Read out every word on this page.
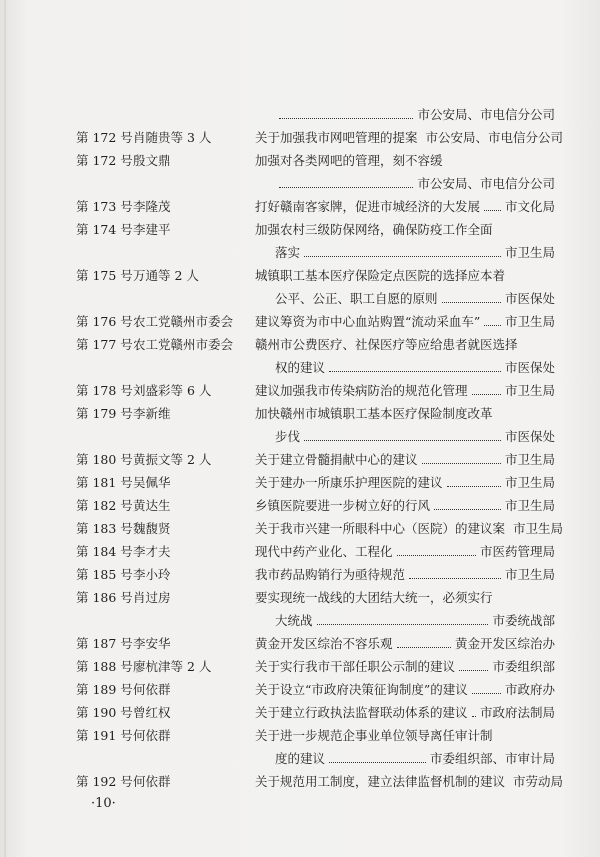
市公安局、市电信分公司
第 172 号 肖随贵等 3 人	关于加强我市网吧管理的提案 市公安局、市电信分公司
第 172 号 殷文鼎	加强对各类网吧的管理，刻不容缓
市公安局、市电信分公司
第 173 号 李隆茂	打好赣南客家牌，促进市城经济的大发展 市文化局
第 174 号 李建平	加强农村三级防保网络，确保防疫工作全面
落实	市卫生局
第 175 号 万通等 2 人	城镇职工基本医疗保险定点医院的选择应本着
公平、公正、职工自愿的原则	市医保处
第 176 号 农工党赣州市委会 建议筹资为市中心血站购置“流动采血车” 市卫生局
第 177 号 农工党赣州市委会 赣州市公费医疗、社保医疗等应给患者就医选择
权的建议	市医保处
第 178 号 刘盛彩等 6 人	建议加强我市传染病防治的规范化管理	市卫生局
第 179 号 李新维	加快赣州市城镇职工基本医疗保险制度改革
步伐	市医保处
第 180 号 黄振文等 2 人	关于建立骨髓捐献中心的建议	市卫生局
第 181 号 吴佩华	关于建办一所康乐护理医院的建议	市卫生局
第 182 号 黄达生	乡镇医院要进一步树立好的行风	市卫生局
第 183 号 魏馥贤	关于我市兴建一所眼科中心（医院）的建议案 市卫生局
第 184 号 李才夫	现代中药产业化、工程化	市医药管理局
第 185 号 李小玲	我市药品购销行为亟待规范	市卫生局
第 186 号 肖过房	要实现统一战线的大团结大统一，必须实行
大统战	市委统战部
第 187 号 李安华	黄金开发区综治不容乐观	黄金开发区综治办
第 188 号 廖杭津等 2 人	关于实行我市干部任职公示制的建议	市委组织部
第 189 号 何依群	关于设立“市政府决策征询制度”的建议	市政府办
第 190 号 曾红权	关于建立行政执法监督联动体系的建议 市政府法制局
第 191 号 何依群	关于进一步规范企事业单位领导离任审计制
度的建议	市委组织部、市审计局
第 192 号 何依群	关于规范用工制度，建立法律监督机制的建议 市劳动局
·10·
